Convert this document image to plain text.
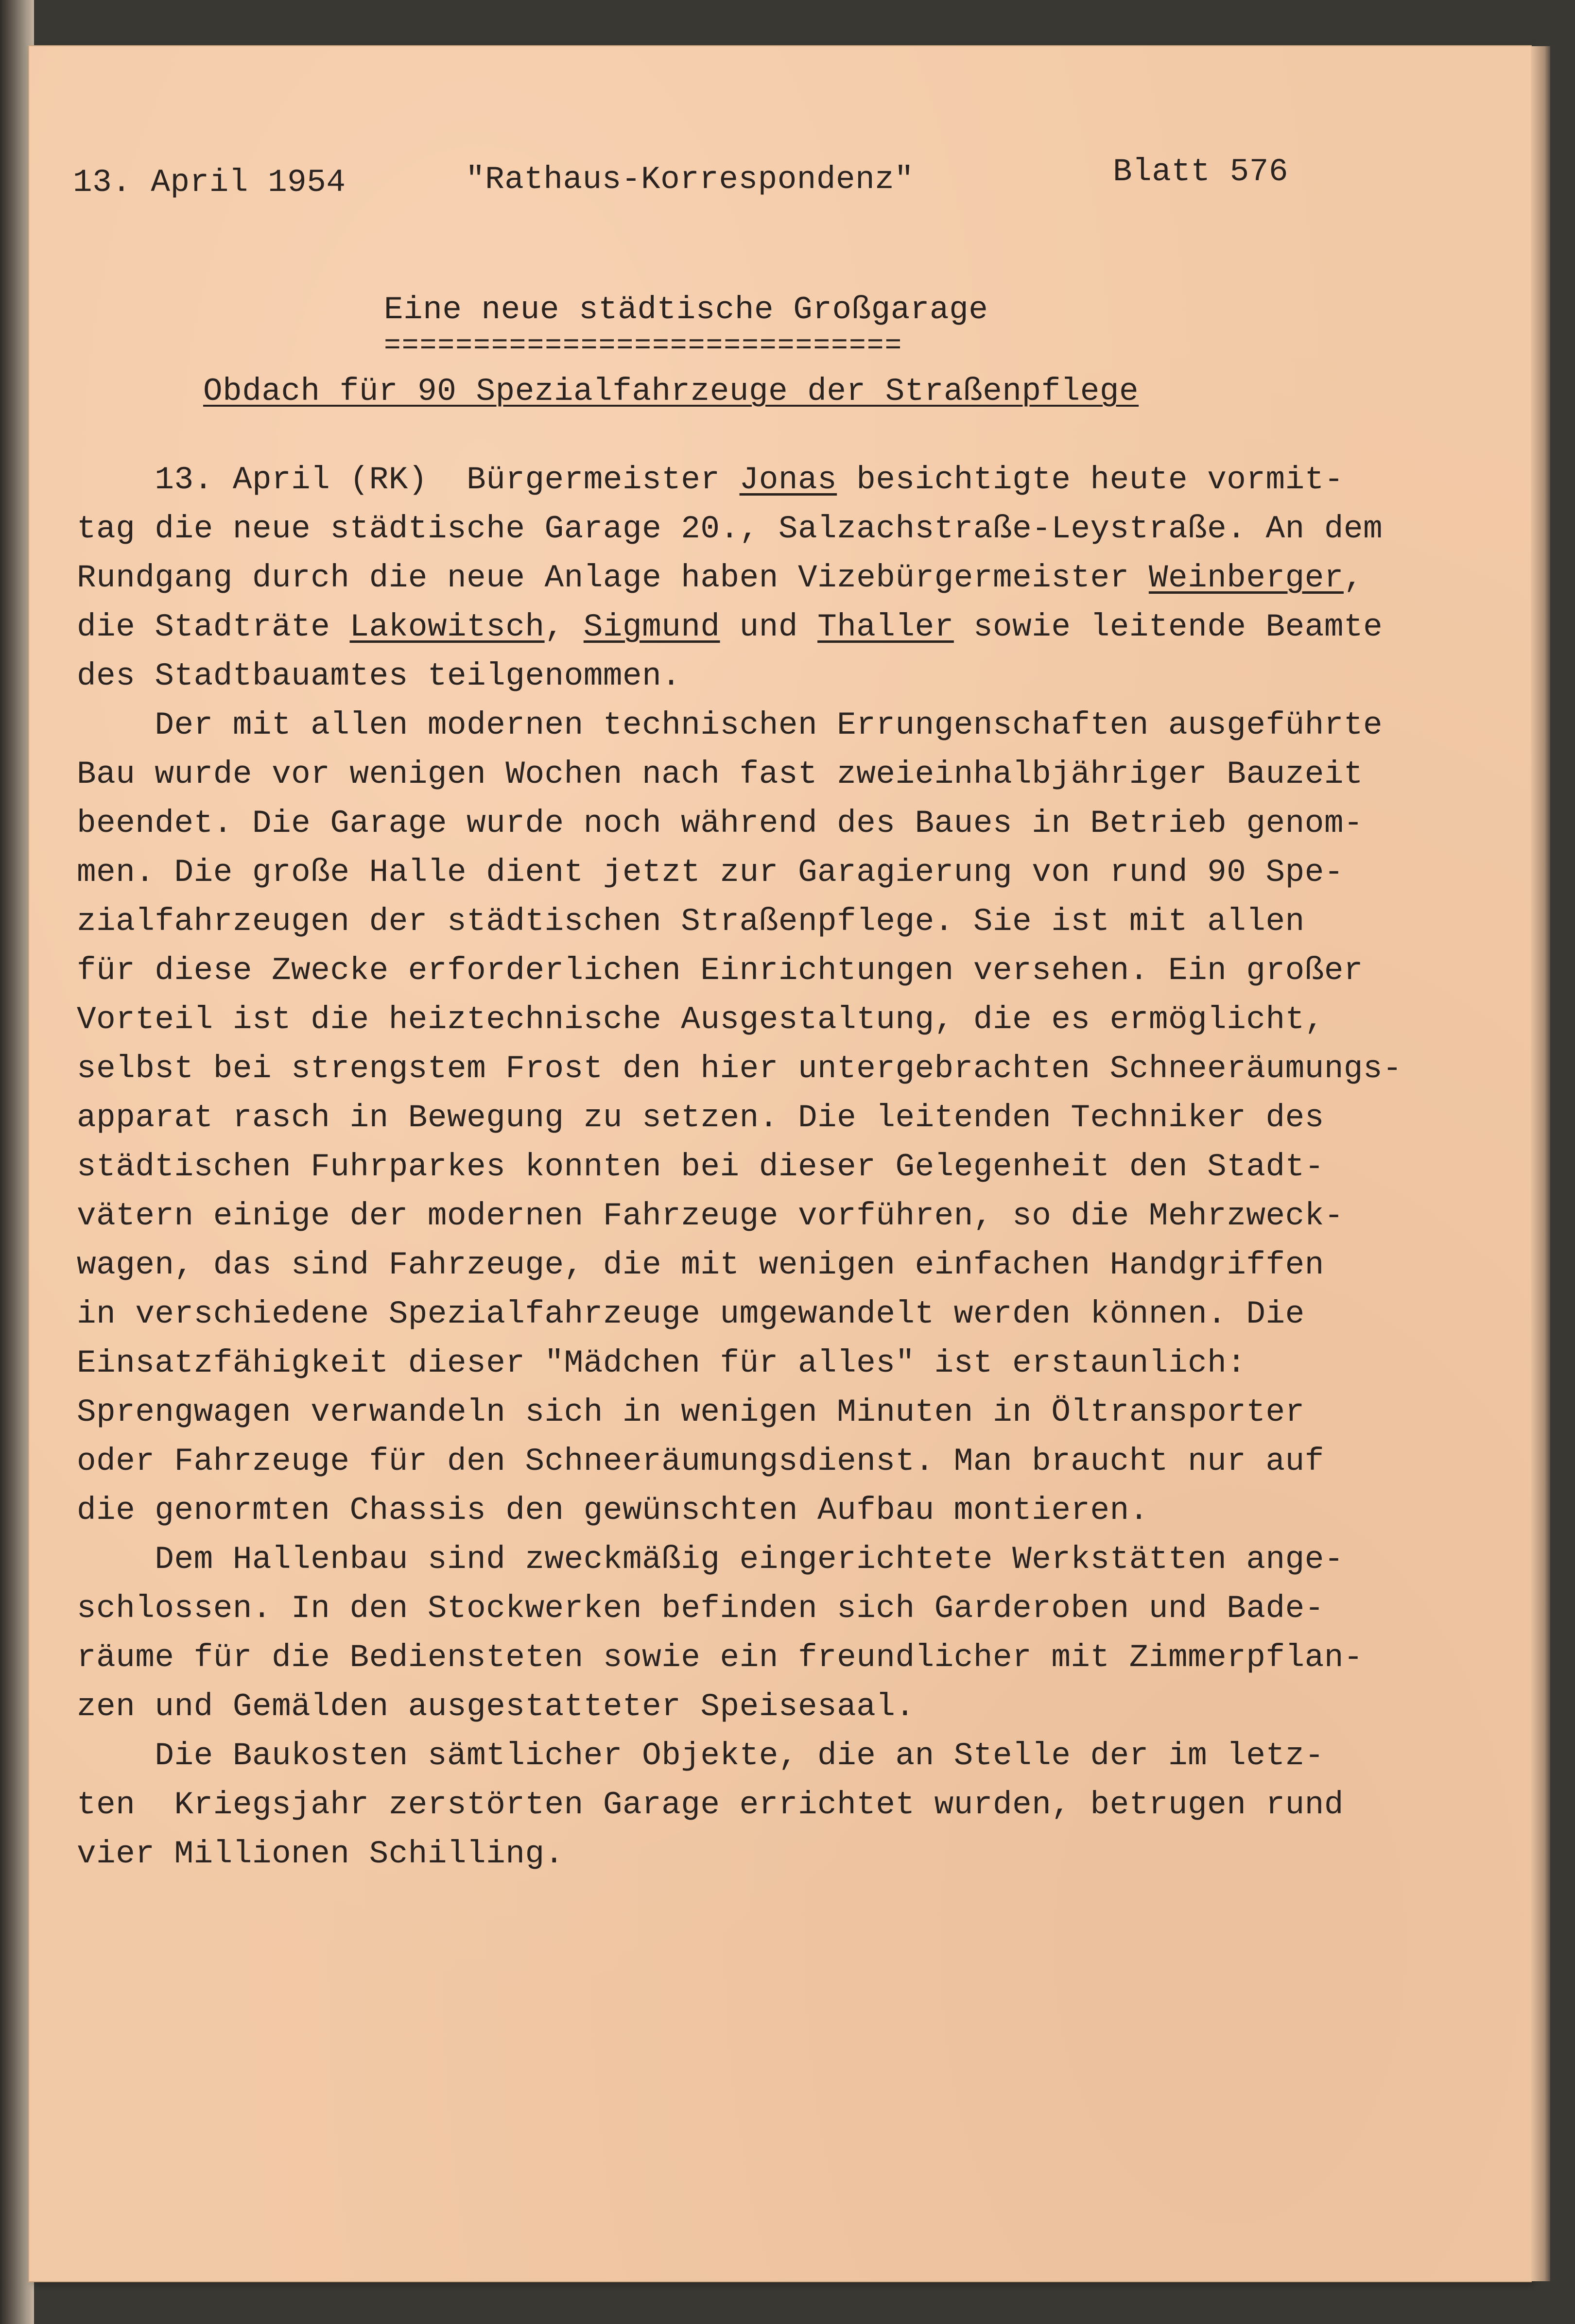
13. April 1954	"Rathaus-Korrespondenz"	Blatt 576
Eine neue städtische Großgarage
=============================
Obdach für 90 Spezialfahrzeuge der Straßenpflege
13. April (RK)  Bürgermeister Jonas besichtigte heute vormit-
tag die neue städtische Garage 20., Salzachstraße-Leystraße. An dem
Rundgang durch die neue Anlage haben Vizebürgermeister Weinberger,
die Stadträte Lakowitsch, Sigmund und Thaller sowie leitende Beamte
des Stadtbauamtes teilgenommen.
Der mit allen modernen technischen Errungenschaften ausgeführte
Bau wurde vor wenigen Wochen nach fast zweieinhalbjähriger Bauzeit
beendet. Die Garage wurde noch während des Baues in Betrieb genom-
men. Die große Halle dient jetzt zur Garagierung von rund 90 Spe-
zialfahrzeugen der städtischen Straßenpflege. Sie ist mit allen
für diese Zwecke erforderlichen Einrichtungen versehen. Ein großer
Vorteil ist die heiztechnische Ausgestaltung, die es ermöglicht,
selbst bei strengstem Frost den hier untergebrachten Schneeräumungs-
apparat rasch in Bewegung zu setzen. Die leitenden Techniker des
städtischen Fuhrparkes konnten bei dieser Gelegenheit den Stadt-
vätern einige der modernen Fahrzeuge vorführen, so die Mehrzweck-
wagen, das sind Fahrzeuge, die mit wenigen einfachen Handgriffen
in verschiedene Spezialfahrzeuge umgewandelt werden können. Die
Einsatzfähigkeit dieser "Mädchen für alles" ist erstaunlich:
Sprengwagen verwandeln sich in wenigen Minuten in Öltransporter
oder Fahrzeuge für den Schneeräumungsdienst. Man braucht nur auf
die genormten Chassis den gewünschten Aufbau montieren.
Dem Hallenbau sind zweckmäßig eingerichtete Werkstätten ange-
schlossen. In den Stockwerken befinden sich Garderoben und Bade-
räume für die Bediensteten sowie ein freundlicher mit Zimmerpflan-
zen und Gemälden ausgestatteter Speisesaal.
Die Baukosten sämtlicher Objekte, die an Stelle der im letz-
ten  Kriegsjahr zerstörten Garage errichtet wurden, betrugen rund
vier Millionen Schilling.
